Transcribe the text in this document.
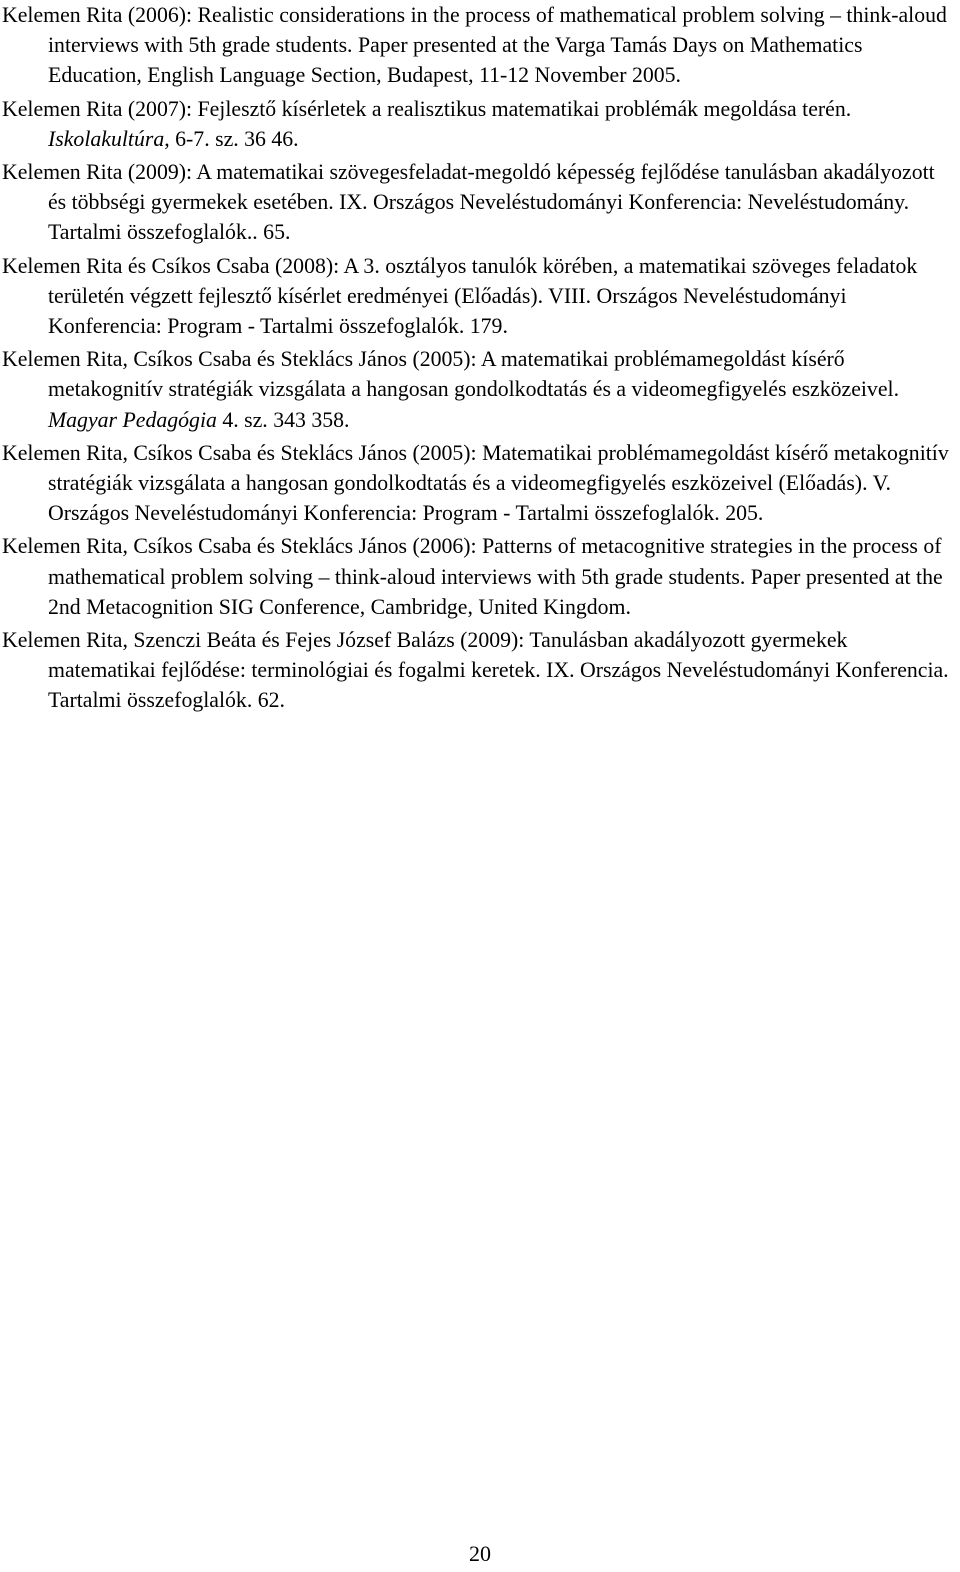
Kelemen Rita (2006): Realistic considerations in the process of mathematical problem solving – think-aloud interviews with 5th grade students. Paper presented at the Varga Tamás Days on Mathematics Education, English Language Section, Budapest, 11-12 November 2005.
Kelemen Rita (2007): Fejlesztő kísérletek a realisztikus matematikai problémák megoldása terén. Iskolakultúra, 6-7. sz. 36 46.
Kelemen Rita (2009): A matematikai szövegesfeladat-megoldó képesség fejlődése tanulásban akadályozott és többségi gyermekek esetében. IX. Országos Neveléstudományi Konferencia: Neveléstudomány. Tartalmi összefoglalók.. 65.
Kelemen Rita és Csíkos Csaba (2008): A 3. osztályos tanulók körében, a matematikai szöveges feladatok területén végzett fejlesztő kísérlet eredményei (Előadás). VIII. Országos Neveléstudományi Konferencia: Program - Tartalmi összefoglalók. 179.
Kelemen Rita, Csíkos Csaba és Steklács János (2005): A matematikai problémamegoldást kísérő metakognitív stratégiák vizsgálata a hangosan gondolkodtatás és a videomegfigyelés eszközeivel. Magyar Pedagógia 4. sz. 343 358.
Kelemen Rita, Csíkos Csaba és Steklács János (2005): Matematikai problémamegoldást kísérő metakognitív stratégiák vizsgálata a hangosan gondolkodtatás és a videomegfigyelés eszközeivel (Előadás). V. Országos Neveléstudományi Konferencia: Program - Tartalmi összefoglalók. 205.
Kelemen Rita, Csíkos Csaba és Steklács János (2006): Patterns of metacognitive strategies in the process of mathematical problem solving – think-aloud interviews with 5th grade students. Paper presented at the 2nd Metacognition SIG Conference, Cambridge, United Kingdom.
Kelemen Rita, Szenczi Beáta és Fejes József Balázs (2009): Tanulásban akadályozott gyermekek matematikai fejlődése: terminológiai és fogalmi keretek. IX. Országos Neveléstudományi Konferencia. Tartalmi összefoglalók. 62.
20
